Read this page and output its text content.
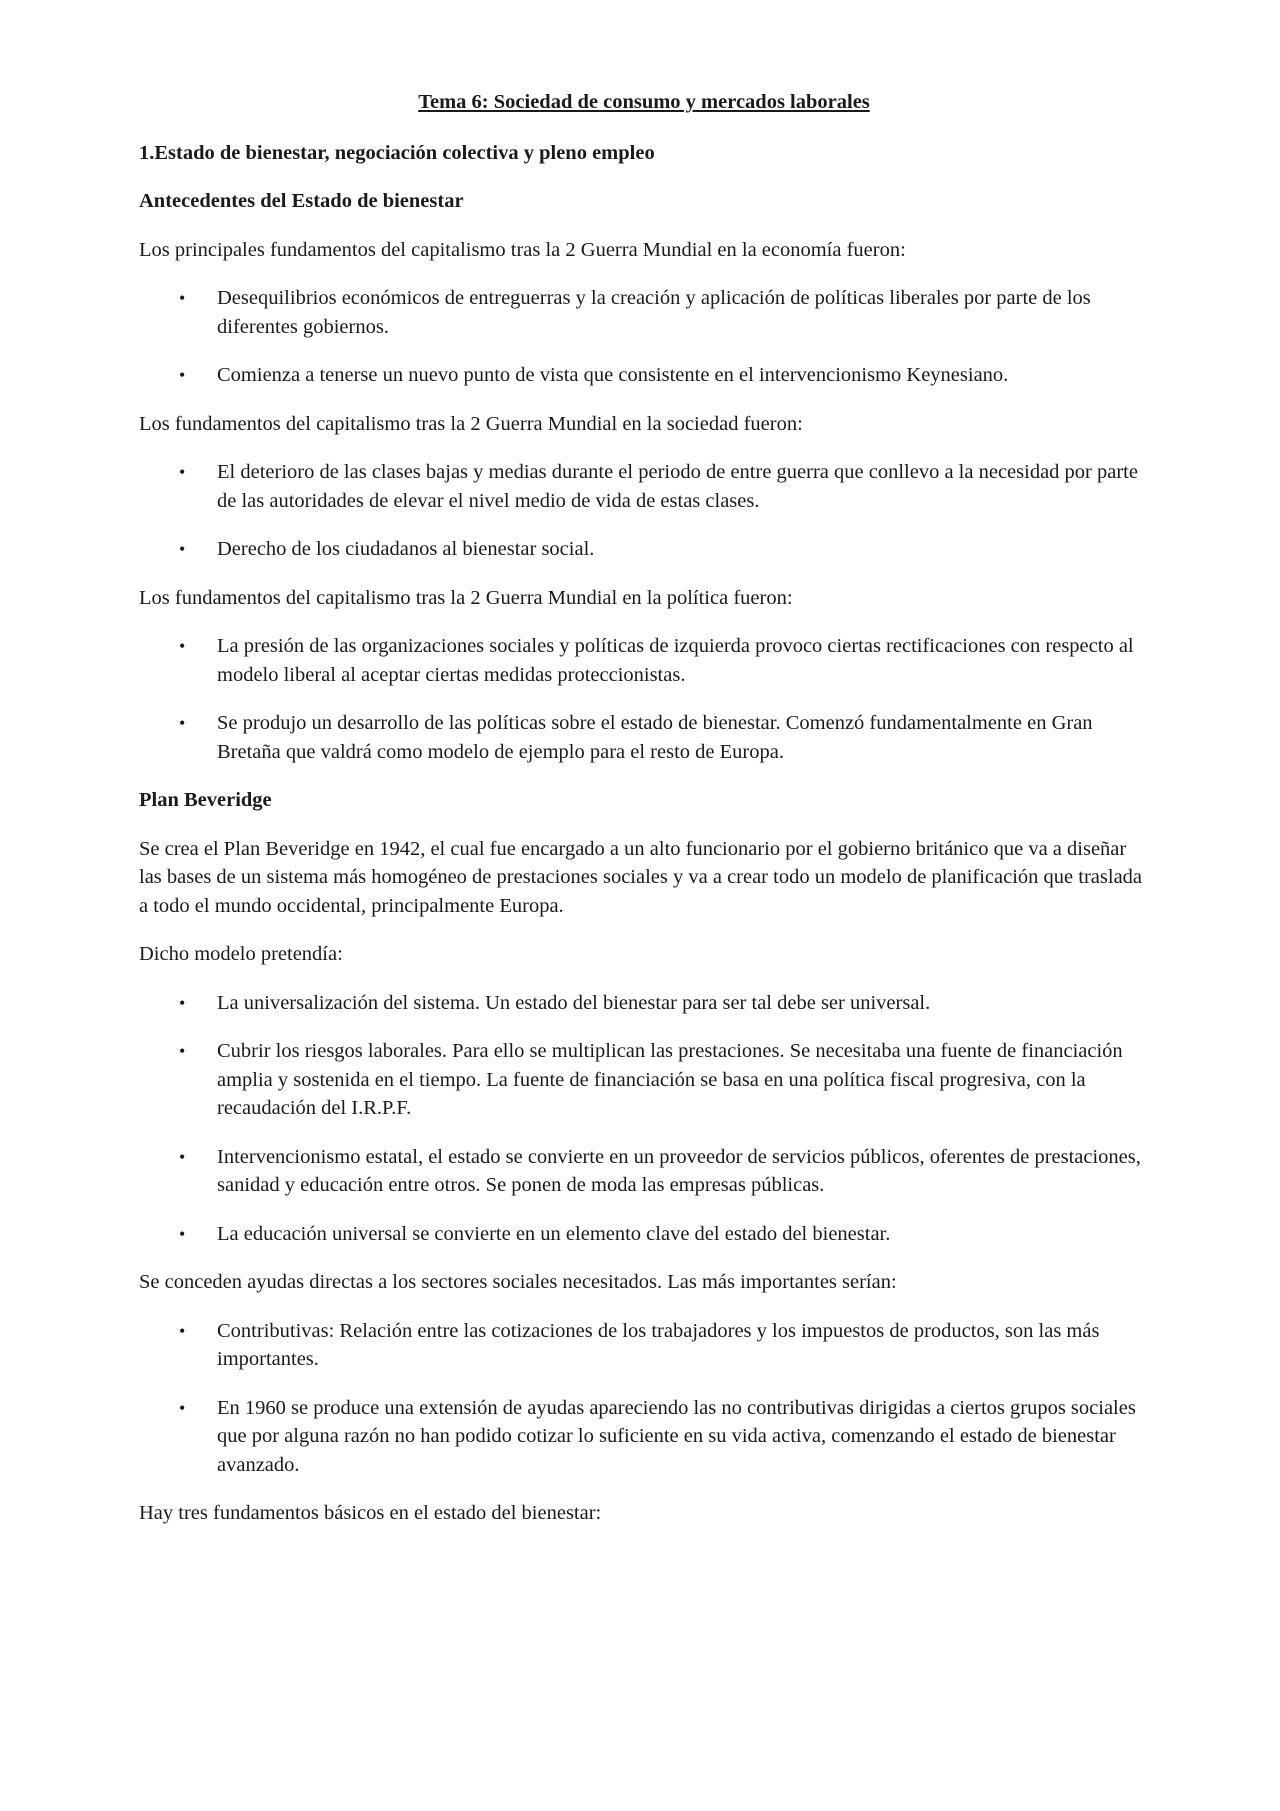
Tema 6: Sociedad de consumo y mercados laborales
1.Estado de bienestar, negociación colectiva y pleno empleo
Antecedentes del Estado de bienestar

Los principales fundamentos del capitalismo tras la 2 Guerra Mundial en la economía fueron:

• Desequilibrios económicos de entreguerras y la creación y aplicación de políticas liberales por parte de los diferentes gobiernos.
• Comienza a tenerse un nuevo punto de vista que consistente en el intervencionismo Keynesiano.

Los fundamentos del capitalismo tras la 2 Guerra Mundial en la sociedad fueron:

• El deterioro de las clases bajas y medias durante el periodo de entre guerra que conllevo a la necesidad por parte de las autoridades de elevar el nivel medio de vida de estas clases.
• Derecho de los ciudadanos al bienestar social.

Los fundamentos del capitalismo tras la 2 Guerra Mundial en la política fueron:

• La presión de las organizaciones sociales y políticas de izquierda provoco ciertas rectificaciones con respecto al modelo liberal al aceptar ciertas medidas proteccionistas.
• Se produjo un desarrollo de las políticas sobre el estado de bienestar. Comenzó fundamentalmente en Gran Bretaña que valdrá como modelo de ejemplo para el resto de Europa.
Plan Beveridge

Se crea el Plan Beveridge en 1942, el cual fue encargado a un alto funcionario por el gobierno británico que va a diseñar las bases de un sistema más homogéneo de prestaciones sociales y va a crear todo un modelo de planificación que traslada a todo el mundo occidental, principalmente Europa.

Dicho modelo pretendía:

• La universalización del sistema. Un estado del bienestar para ser tal debe ser universal.
• Cubrir los riesgos laborales. Para ello se multiplican las prestaciones. Se necesitaba una fuente de financiación amplia y sostenida en el tiempo. La fuente de financiación se basa en una política fiscal progresiva, con la recaudación del I.R.P.F.
• Intervencionismo estatal, el estado se convierte en un proveedor de servicios públicos, oferentes de prestaciones, sanidad y educación entre otros. Se ponen de moda las empresas públicas.
• La educación universal se convierte en un elemento clave del estado del bienestar.

Se conceden ayudas directas a los sectores sociales necesitados. Las más importantes serían:

• Contributivas: Relación entre las cotizaciones de los trabajadores y los impuestos de productos, son las más importantes.
• En 1960 se produce una extensión de ayudas apareciendo las no contributivas dirigidas a ciertos grupos sociales que por alguna razón no han podido cotizar lo suficiente en su vida activa, comenzando el estado de bienestar avanzado.

Hay tres fundamentos básicos en el estado del bienestar:
